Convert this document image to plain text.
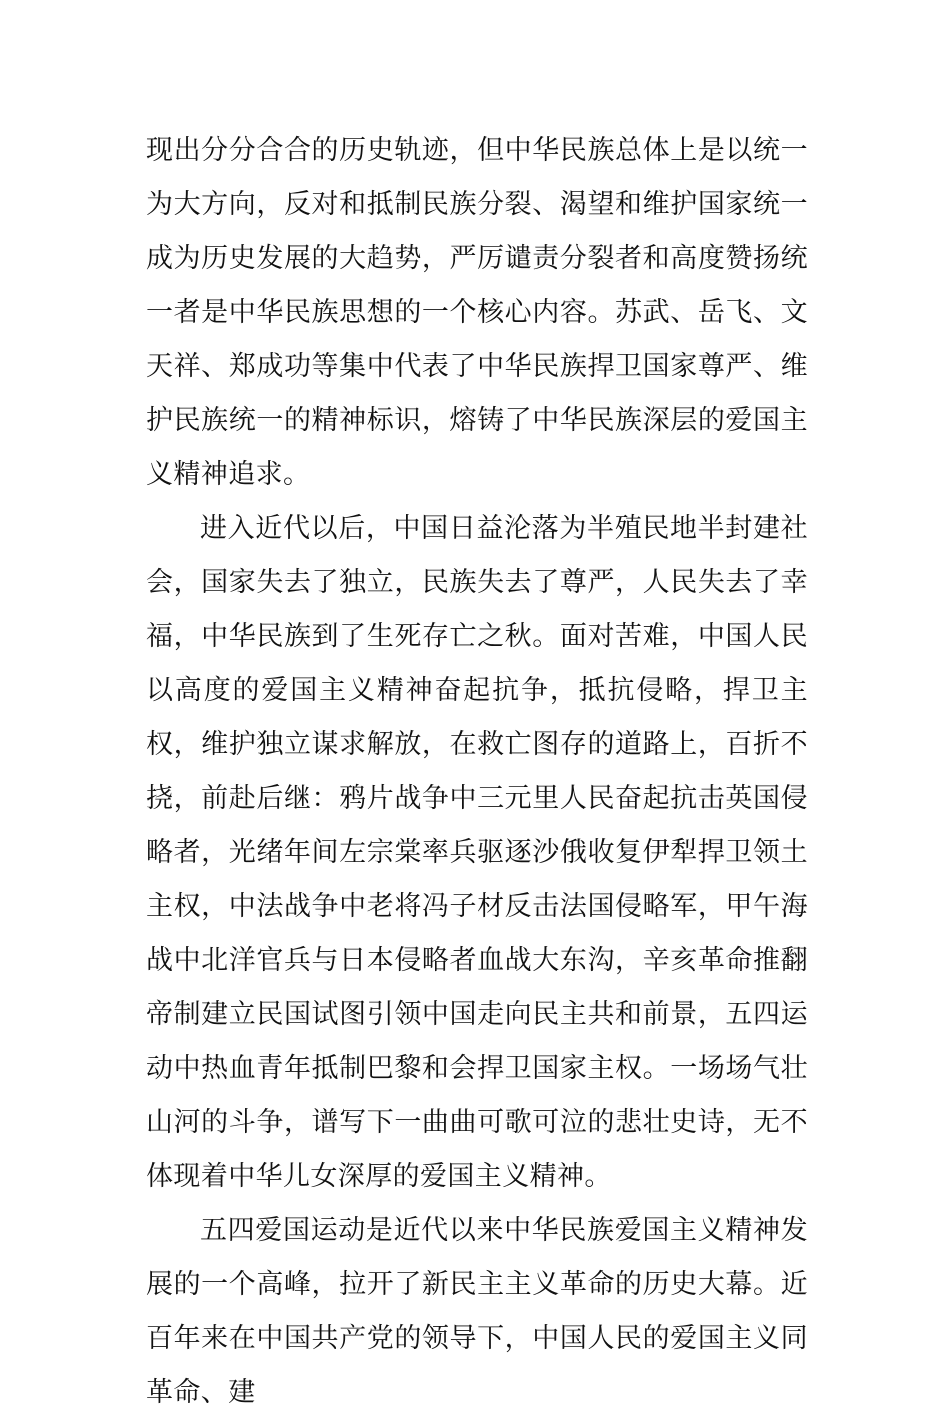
现出分分合合的历史轨迹，但中华民族总体上是以统一为大方向，反对和抵制民族分裂、渴望和维护国家统一成为历史发展的大趋势，严厉谴责分裂者和高度赞扬统一者是中华民族思想的一个核心内容。苏武、岳飞、文天祥、郑成功等集中代表了中华民族捍卫国家尊严、维护民族统一的精神标识，熔铸了中华民族深层的爱国主义精神追求。

进入近代以后，中国日益沦落为半殖民地半封建社会，国家失去了独立，民族失去了尊严，人民失去了幸福，中华民族到了生死存亡之秋。面对苦难，中国人民以高度的爱国主义精神奋起抗争，抵抗侵略，捍卫主权，维护独立谋求解放，在救亡图存的道路上，百折不挠，前赴后继：鸦片战争中三元里人民奋起抗击英国侵略者，光绪年间左宗棠率兵驱逐沙俄收复伊犁捍卫领土主权，中法战争中老将冯子材反击法国侵略军，甲午海战中北洋官兵与日本侵略者血战大东沟，辛亥革命推翻帝制建立民国试图引领中国走向民主共和前景，五四运动中热血青年抵制巴黎和会捍卫国家主权。一场场气壮山河的斗争，谱写下一曲曲可歌可泣的悲壮史诗，无不体现着中华儿女深厚的爱国主义精神。

五四爱国运动是近代以来中华民族爱国主义精神发展的一个高峰，拉开了新民主主义革命的历史大幕。近百年来在中国共产党的领导下，中国人民的爱国主义同革命、建
